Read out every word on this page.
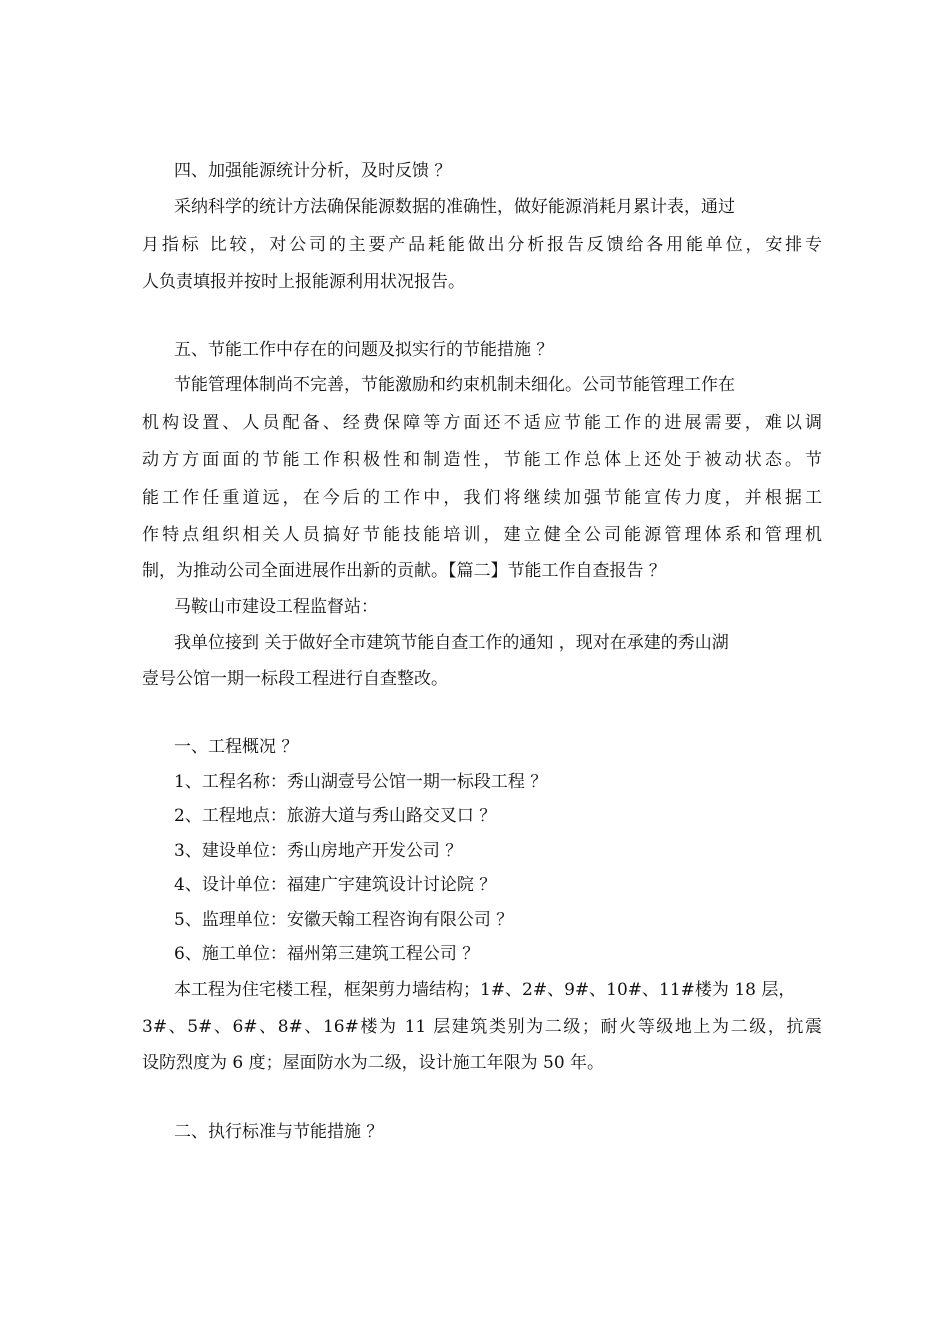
四、加强能源统计分析，及时反馈 ？
采纳科学的统计方法确保能源数据的准确性，做好能源消耗月累计表，通过
月指标 比较，对公司的主要产品耗能做出分析报告反馈给各用能单位，安排专
人负责填报并按时上报能源利用状况报告。
五、节能工作中存在的问题及拟实行的节能措施 ？
节能管理体制尚不完善，节能激励和约束机制未细化。公司节能管理工作在
机构设置、人员配备、经费保障等方面还不适应节能工作的进展需要，难以调
动方方面面的节能工作积极性和制造性，节能工作总体上还处于被动状态。节
能工作任重道远，在今后的工作中，我们将继续加强节能宣传力度，并根据工
作特点组织相关人员搞好节能技能培训，建立健全公司能源管理体系和管理机
制，为推动公司全面进展作出新的贡献。【篇二】节能工作自查报告 ？
马鞍山市建设工程监督站：
我单位接到 关于做好全市建筑节能自查工作的通知 ，现对在承建的秀山湖
壹号公馆一期一标段工程进行自查整改。
一、工程概况 ？
1、工程名称：秀山湖壹号公馆一期一标段工程 ？
2、工程地点：旅游大道与秀山路交叉口 ？
3、建设单位：秀山房地产开发公司 ？
4、设计单位：福建广宇建筑设计讨论院 ？
5、监理单位：安徽天翰工程咨询有限公司 ？
6、施工单位：福州第三建筑工程公司 ？
本工程为住宅楼工程，框架剪力墙结构；1#、2#、9#、10#、11#楼为 18 层，
3#、5#、6#、8#、16#楼为 11 层建筑类别为二级；耐火等级地上为二级，抗震
设防烈度为 6 度；屋面防水为二级，设计施工年限为 50 年。
二、执行标准与节能措施 ？
